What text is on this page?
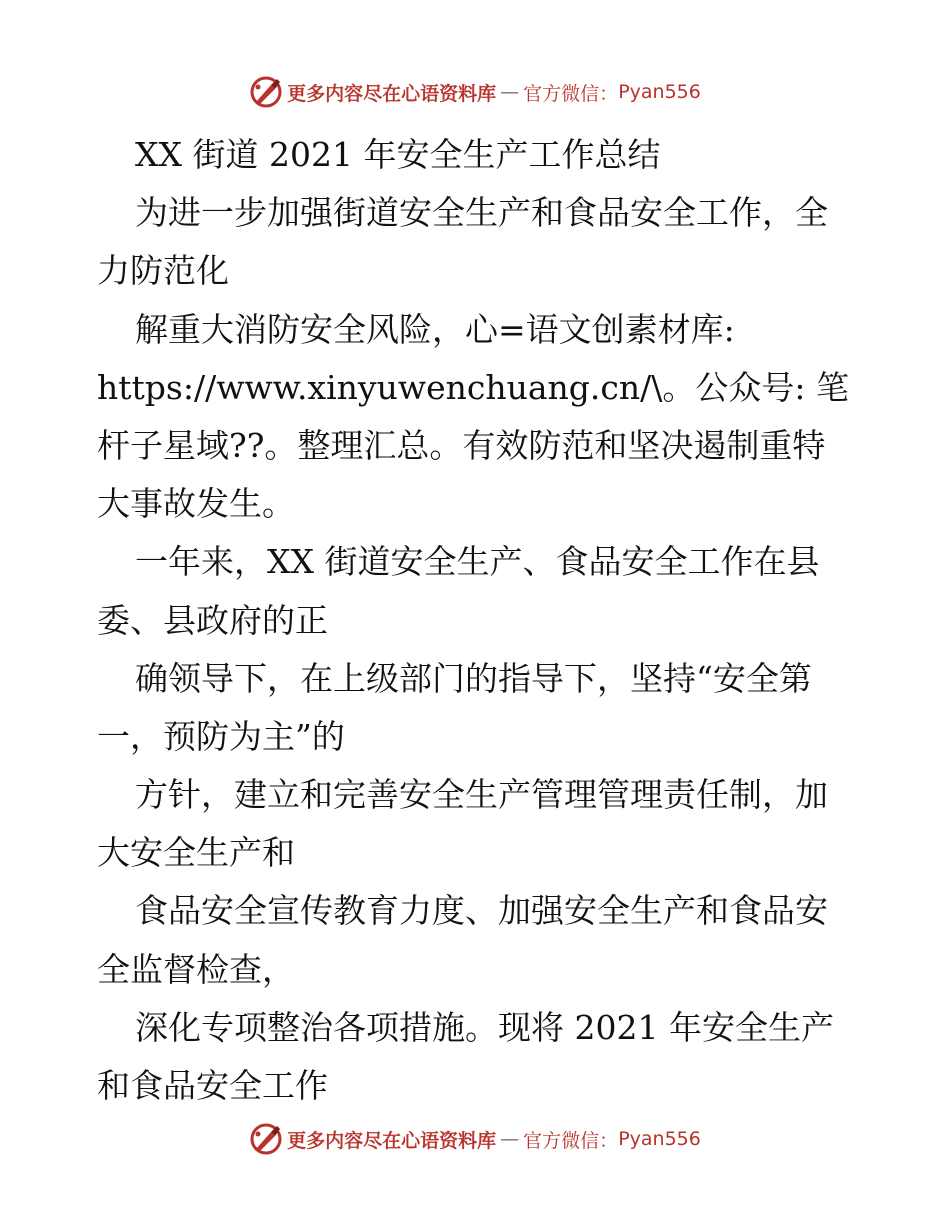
更多内容尽在心语资料库 — 官方微信： Pyan556
XX 街道 2021 年安全生产工作总结
为进一步加强街道安全生产和食品安全工作，全
力防范化
解重大消防安全风险，心=语文创素材库:
https://www.xinyuwenchuang.cn/\。公众号: 笔
杆子星域??。整理汇总。有效防范和坚决遏制重特
大事故发生。
一年来，XX 街道安全生产、食品安全工作在县
委、县政府的正
确领导下，在上级部门的指导下，坚持“安全第
一，预防为主”的
方针，建立和完善安全生产管理管理责任制，加
大安全生产和
食品安全宣传教育力度、加强安全生产和食品安
全监督检查，
深化专项整治各项措施。现将 2021 年安全生产
和食品安全工作
更多内容尽在心语资料库 — 官方微信： Pyan556
